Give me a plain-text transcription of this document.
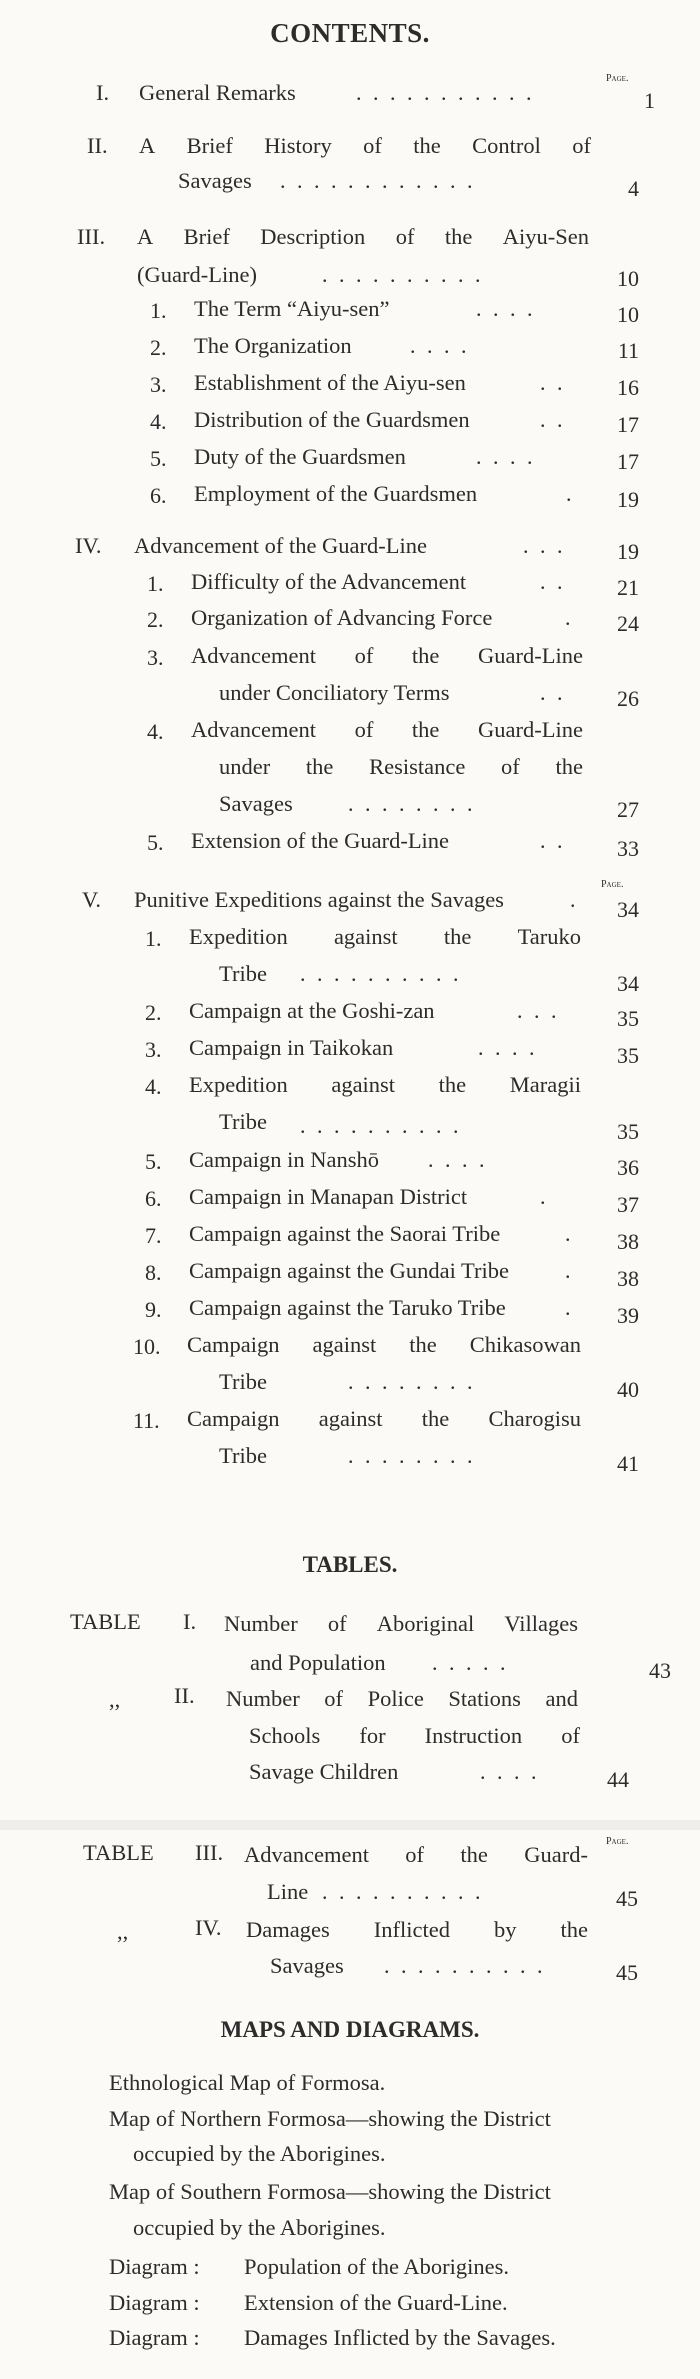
CONTENTS.
Page.
I. General Remarks	. . . . . . . . . . .	1
II. A Brief History of the Control of
Savages . . . . . . . . . . . .	4
III. A Brief Description of the Aiyu-Sen
(Guard-Line)	. . . . . . . . . .	10
1. The Term “Aiyu-sen”	. . . .	10
2. The Organization	. . . .	11
3. Establishment of the Aiyu-sen	. .	16
4. Distribution of the Guardsmen	. .	17
5. Duty of the Guardsmen	. . . .	17
6. Employment of the Guardsmen	.	19
IV. Advancement of the Guard-Line	. . .	19
1. Difficulty of the Advancement	. .	21
2. Organization of Advancing Force	.	24
3. Advancement of the Guard-Line
under Conciliatory Terms	. .	26
4. Advancement of the Guard-Line
under the Resistance of the
Savages	. . . . . . . .	27
5. Extension of the Guard-Line	. .	33
Page.
V. Punitive Expeditions against the Savages	.	34
1. Expedition against the Taruko
Tribe . . . . . . . . . .	34
2. Campaign at the Goshi-zan	. . .	35
3. Campaign in Taikokan	. . . .	35
4. Expedition against the Maragii
Tribe . . . . . . . . . .	35
5. Campaign in Nanshō . . . .	36
6. Campaign in Manapan District	.	37
7. Campaign against the Saorai Tribe	.	38
8. Campaign against the Gundai Tribe	.	38
9. Campaign against the Taruko Tribe	.	39
10. Campaign against the Chikasowan
Tribe	. . . . . . . .	40
11. Campaign against the Charogisu
Tribe	. . . . . . . .	41
TABLES.
TABLE I. Number of Aboriginal Villages
and Population . . . . .	43
,, II. Number of Police Stations and
Schools for Instruction of
Savage Children	. . . .	44
Page.
TABLE III. Advancement of the Guard-
Line . . . . . . . . . .	45
,,	IV. Damages Inflicted by the
Savages . . . . . . . . . .	45
MAPS AND DIAGRAMS.
Ethnological Map of Formosa.
Map of Northern Formosa—showing the District
occupied by the Aborigines.
Map of Southern Formosa—showing the District
occupied by the Aborigines.
Diagram : Population of the Aborigines.
Diagram : Extension of the Guard-Line.
Diagram : Damages Inflicted by the Savages.
